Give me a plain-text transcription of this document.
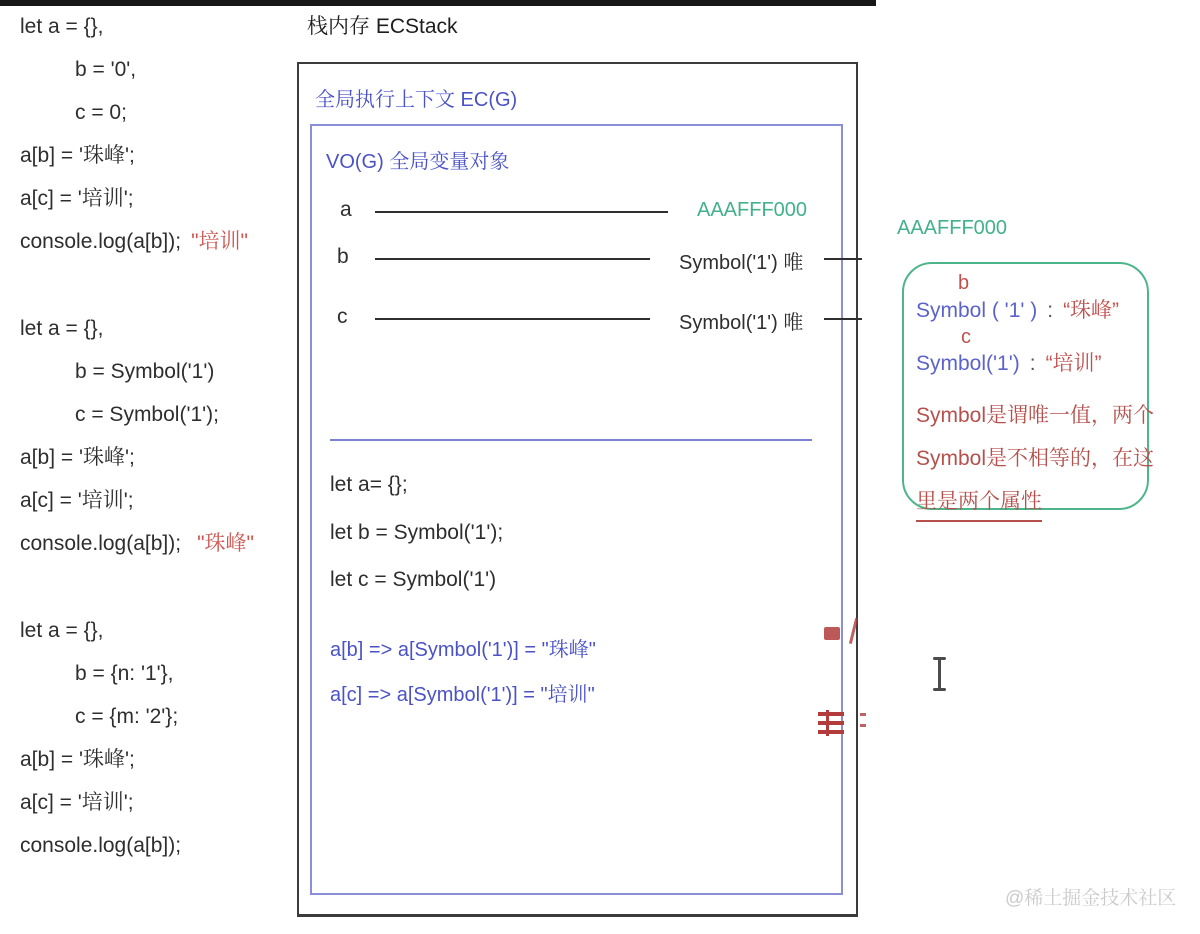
let a = {},
b = '0',
c = 0;
a[b] = '珠峰';
a[c] = '培训';
console.log(a[b]); "培训"
let a = {},
b = Symbol('1')
c = Symbol('1');
a[b] = '珠峰';
a[c] = '培训';
console.log(a[b]); "珠峰"
let a = {},
b = {n: '1'},
c = {m: '2'};
a[b] = '珠峰';
a[c] = '培训';
console.log(a[b]);
栈内存 ECStack
全局执行上下文 EC(G)
VO(G) 全局变量对象
a	AAAFFF000
b	Symbol('1') 唯
c	Symbol('1') 唯
let a= {};
let b = Symbol('1');
let c = Symbol('1')
a[b] => a[Symbol('1')] = "珠峰"
a[c] => a[Symbol('1')] = "培训"
AAAFFF000
b
Symbol ( '1' ) : “珠峰”
c
Symbol('1') : “培训”
Symbol是谓唯一值，两个
Symbol是不相等的，在这
里是两个属性
@稀土掘金技术社区
